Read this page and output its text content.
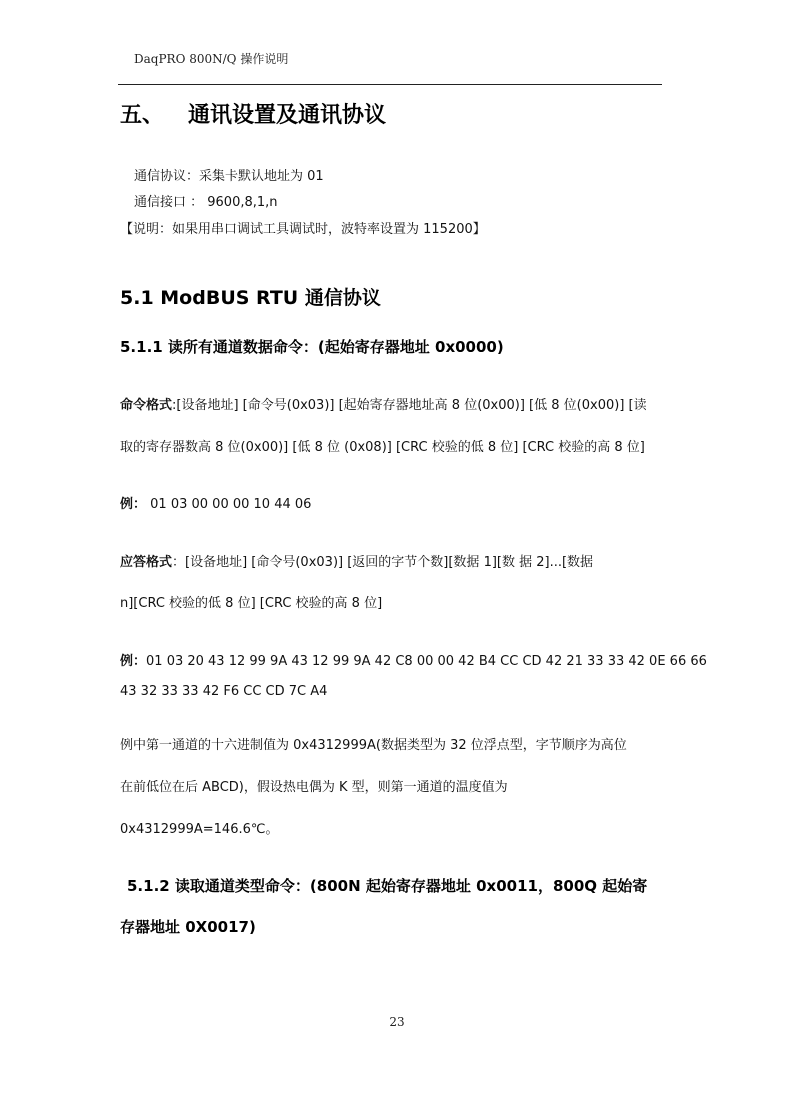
DaqPRO 800N/Q 操作说明
五、 通讯设置及通讯协议
通信协议：采集卡默认地址为 01
通信接口 ： 9600,8,1,n
【说明：如果用串口调试工具调试时，波特率设置为 115200】
5.1 ModBUS RTU 通信协议
5.1.1 读所有通道数据命令：(起始寄存器地址 0x0000)
命令格式:[设备地址] [命令号(0x03)] [起始寄存器地址高 8 位(0x00)] [低 8 位(0x00)] [读
取的寄存器数高 8 位(0x00)] [低 8 位 (0x08)] [CRC 校验的低 8 位] [CRC 校验的高 8 位]
例： 01 03 00 00 00 10 44 06
应答格式：[设备地址] [命令号(0x03)] [返回的字节个数][数据 1][数 据 2]...[数据
n][CRC 校验的低 8 位] [CRC 校验的高 8 位]
例：01 03 20 43 12 99 9A 43 12 99 9A 42 C8 00 00 42 B4 CC CD 42 21 33 33 42 0E 66 66
43 32 33 33 42 F6 CC CD 7C A4
例中第一通道的十六进制值为 0x4312999A(数据类型为 32 位浮点型，字节顺序为高位
在前低位在后 ABCD)，假设热电偶为 K 型，则第一通道的温度值为
0x4312999A=146.6℃。
5.1.2 读取通道类型命令：(800N 起始寄存器地址 0x0011，800Q 起始寄
存器地址 0X0017)
23
